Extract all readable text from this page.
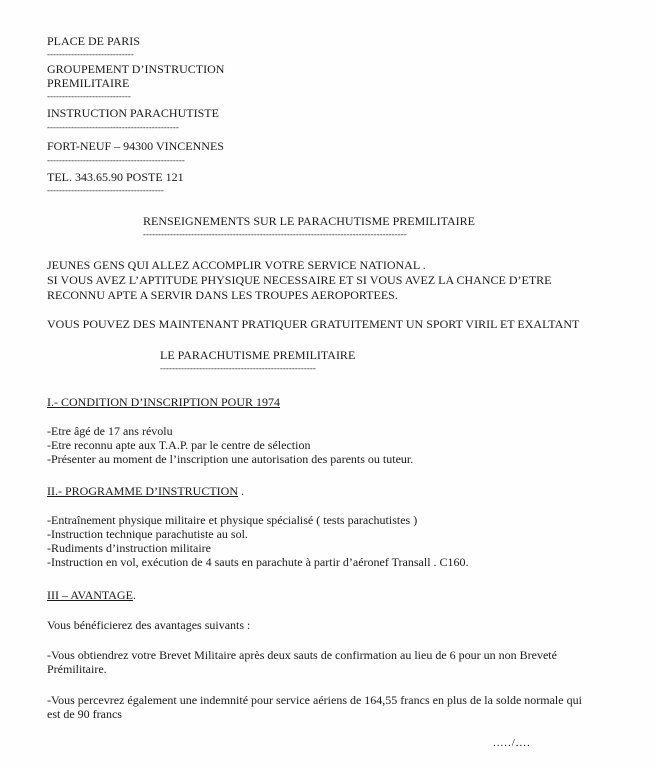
PLACE DE PARIS
-----------------------------
GROUPEMENT D’INSTRUCTION
PREMILITAIRE
----------------------------
INSTRUCTION PARACHUTISTE
--------------------------------------------
FORT-NEUF – 94300 VINCENNES
----------------------------------------------
TEL. 343.65.90 POSTE 121
---------------------------------------
RENSEIGNEMENTS SUR LE PARACHUTISME PREMILITAIRE
----------------------------------------------------------------------------------------
JEUNES GENS QUI ALLEZ ACCOMPLIR VOTRE SERVICE NATIONAL .
SI VOUS AVEZ L’APTITUDE PHYSIQUE NECESSAIRE ET SI VOUS AVEZ LA CHANCE D’ETRE
RECONNU APTE A SERVIR DANS LES TROUPES AEROPORTEES.
VOUS POUVEZ DES MAINTENANT PRATIQUER GRATUITEMENT UN SPORT VIRIL ET EXALTANT
LE PARACHUTISME PREMILITAIRE
----------------------------------------------------
I.- CONDITION D’INSCRIPTION POUR 1974
-Etre âgé de 17 ans révolu
-Etre reconnu apte aux T.A.P. par le centre de sélection
-Présenter au moment de l’inscription une autorisation des parents ou tuteur.
II.- PROGRAMME D’INSTRUCTION .
-Entraînement physique militaire et physique spécialisé ( tests parachutistes )
-Instruction technique parachutiste au sol.
-Rudiments d’instruction militaire
-Instruction en vol, exécution de 4 sauts en parachute à partir d’aéronef Transall . C160.
III – AVANTAGE.
Vous bénéficierez des avantages suivants :
-Vous obtiendrez votre Brevet Militaire après deux sauts de confirmation au lieu de 6 pour un non Breveté
Prémilitaire.
-Vous percevrez également une indemnité pour service aériens de 164,55 francs en plus de la solde normale qui
est de 90 francs
...../....
